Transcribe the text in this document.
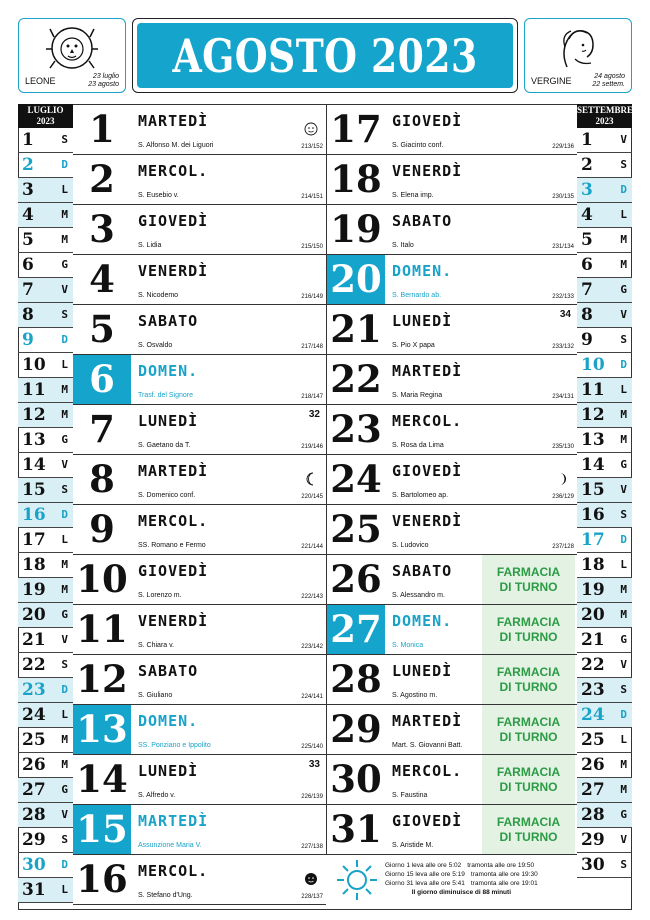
LEONE	23 luglio
23 agosto
AGOSTO 2023	VERGINE	24 agosto
22 settem.
LUGLIO
2023
1	S
2	D
3	L
4	M
5	M
6	G
7	V
8	S
9	D
10 L
11 M
12 M
13 G
14 V
15 S
16 D
17 L
18 M
19 M
20 G
21 V
22 S
23 D
24 L
25 M
26 M
27 G
28 V
29 S
30 D
31 L
SETTEMBRE
2023
1	V
2	S
3	D
4	L
5	M
6	M
7	G
8	V
9	S
10 D
11 L
12 M
13 M
14 G
15 V
16 S
17 D
18 L
19 M
20 M
21 G
22 V
23 S
24 D
25 L
26 M
27 M
28 G
29 V
30 S
1	MARTEDÌ
S. Alfonso M. dei Liguori	213/152
2	MERCOL.
S. Eusebio v.	214/151
3	GIOVEDÌ
S. Lidia	215/150
4	VENERDÌ
S. Nicodemo	216/149
5	SABATO
S. Osvaldo	217/148
6	DOMEN.
Trasf. del Signore	218/147
7	LUNEDÌ
S. Gaetano da T.	219/146
32
8	MARTEDÌ
S. Domenico conf.	220/145
9	MERCOL.
SS. Romano e Fermo	221/144
10 GIOVEDÌ
S. Lorenzo m.	222/143
11 VENERDÌ
S. Chiara v.	223/142
12 SABATO
S. Giuliano	224/141
13 DOMEN.
SS. Ponziano e Ippolito	225/140
14 LUNEDÌ
S. Alfredo v.	226/139
33
15 MARTEDÌ
Assunzione Maria V.	227/138
16 MERCOL.
S. Stefano d'Ung.	228/137
17 GIOVEDÌ
S. Giacinto conf.	229/136
18 VENERDÌ
S. Elena imp.	230/135
19 SABATO
S. Italo	231/134
20 DOMEN.
S. Bernardo ab.	232/133
21 LUNEDÌ
S. Pio X papa	233/132
34
22 MARTEDÌ
S. Maria Regina	234/131
23 MERCOL.
S. Rosa da Lima	235/130
24 GIOVEDÌ
S. Bartolomeo ap.	236/129
25 VENERDÌ
S. Ludovico	237/128
26 SABATO
S. Alessandro m.
FARMACIA
DI TURNO
27 DOMEN.
S. Monica
FARMACIA
DI TURNO
28 LUNEDÌ
S. Agostino m.
FARMACIA
DI TURNO
29 MARTEDÌ
Mart. S. Giovanni Batt.
FARMACIA
DI TURNO
30 MERCOL.
S. Faustina
FARMACIA
DI TURNO
31 GIOVEDÌ
S. Aristide M.
FARMACIA
DI TURNO
Giorno 1 leva alle ore 5:02 tramonta alle ore 19:50
Giorno 15 leva alle ore 5:19 tramonta alle ore 19:30
Giorno 31 leva alle ore 5:41 tramonta alle ore 19:01
Il giorno diminuisce di 88 minuti
